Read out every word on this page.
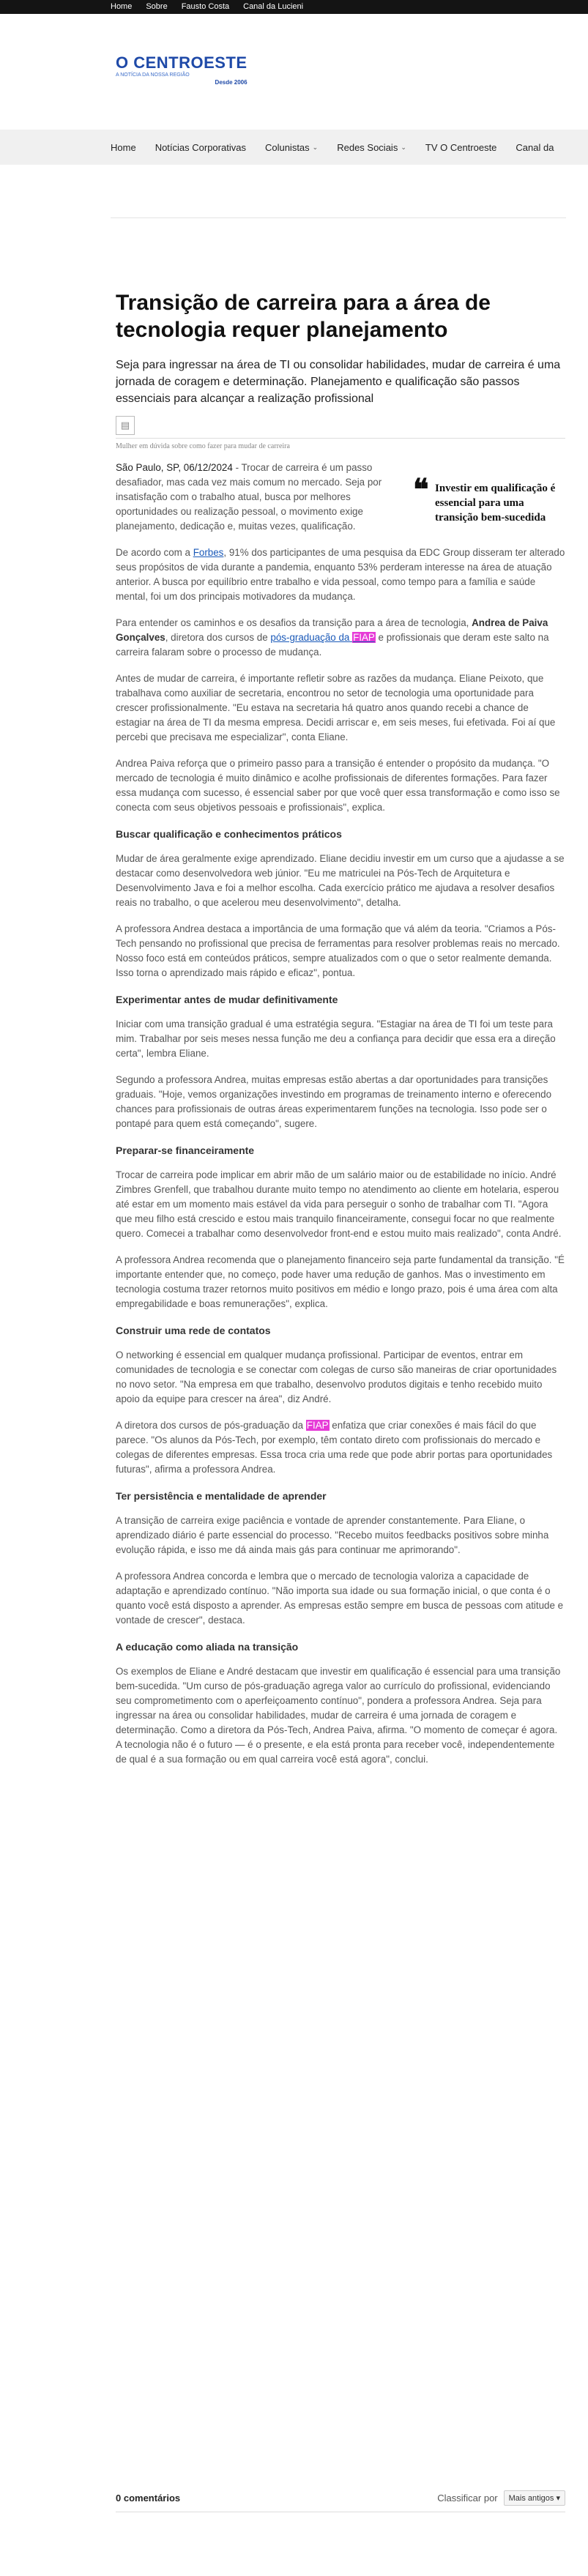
Home Sobre Fausto Costa Canal da Lucieni
O CENTROESTE
A NOTÍCIA DA NOSSA REGIÃO
Desde 2006
Home Notícias Corporativas Colunistas ⌄ Redes Sociais ⌄ TV O Centroeste Canal da
Transição de carreira para a área de tecnologia requer planejamento

Seja para ingressar na área de TI ou consolidar habilidades, mudar de carreira é uma jornada de coragem e determinação. Planejamento e qualificação são passos essenciais para alcançar a realização profissional

▤
Mulher em dúvida sobre como fazer para mudar de carreira
❝ Investir em qualificação é essencial para uma transição bem-sucedida

São Paulo, SP, 06/12/2024 - Trocar de carreira é um passo desafiador, mas cada vez mais comum no mercado. Seja por insatisfação com o trabalho atual, busca por melhores oportunidades ou realização pessoal, o movimento exige planejamento, dedicação e, muitas vezes, qualificação.

De acordo com a Forbes, 91% dos participantes de uma pesquisa da EDC Group disseram ter alterado seus propósitos de vida durante a pandemia, enquanto 53% perderam interesse na área de atuação anterior. A busca por equilíbrio entre trabalho e vida pessoal, como tempo para a família e saúde mental, foi um dos principais motivadores da mudança.

Para entender os caminhos e os desafios da transição para a área de tecnologia, Andrea de Paiva Gonçalves, diretora dos cursos de pós-graduação da FIAP e profissionais que deram este salto na carreira falaram sobre o processo de mudança.

Antes de mudar de carreira, é importante refletir sobre as razões da mudança. Eliane Peixoto, que trabalhava como auxiliar de secretaria, encontrou no setor de tecnologia uma oportunidade para crescer profissionalmente. "Eu estava na secretaria há quatro anos quando recebi a chance de estagiar na área de TI da mesma empresa. Decidi arriscar e, em seis meses, fui efetivada. Foi aí que percebi que precisava me especializar", conta Eliane.

Andrea Paiva reforça que o primeiro passo para a transição é entender o propósito da mudança. "O mercado de tecnologia é muito dinâmico e acolhe profissionais de diferentes formações. Para fazer essa mudança com sucesso, é essencial saber por que você quer essa transformação e como isso se conecta com seus objetivos pessoais e profissionais", explica.

Buscar qualificação e conhecimentos práticos

Mudar de área geralmente exige aprendizado. Eliane decidiu investir em um curso que a ajudasse a se destacar como desenvolvedora web júnior. "Eu me matriculei na Pós-Tech de Arquitetura e Desenvolvimento Java e foi a melhor escolha. Cada exercício prático me ajudava a resolver desafios reais no trabalho, o que acelerou meu desenvolvimento", detalha.

A professora Andrea destaca a importância de uma formação que vá além da teoria. "Criamos a Pós-Tech pensando no profissional que precisa de ferramentas para resolver problemas reais no mercado. Nosso foco está em conteúdos práticos, sempre atualizados com o que o setor realmente demanda. Isso torna o aprendizado mais rápido e eficaz", pontua.

Experimentar antes de mudar definitivamente

Iniciar com uma transição gradual é uma estratégia segura. "Estagiar na área de TI foi um teste para mim. Trabalhar por seis meses nessa função me deu a confiança para decidir que essa era a direção certa", lembra Eliane.

Segundo a professora Andrea, muitas empresas estão abertas a dar oportunidades para transições graduais. "Hoje, vemos organizações investindo em programas de treinamento interno e oferecendo chances para profissionais de outras áreas experimentarem funções na tecnologia. Isso pode ser o pontapé para quem está começando", sugere.

Preparar-se financeiramente

Trocar de carreira pode implicar em abrir mão de um salário maior ou de estabilidade no início. André Zimbres Grenfell, que trabalhou durante muito tempo no atendimento ao cliente em hotelaria, esperou até estar em um momento mais estável da vida para perseguir o sonho de trabalhar com TI. "Agora que meu filho está crescido e estou mais tranquilo financeiramente, consegui focar no que realmente quero. Comecei a trabalhar como desenvolvedor front-end e estou muito mais realizado", conta André.

A professora Andrea recomenda que o planejamento financeiro seja parte fundamental da transição. "É importante entender que, no começo, pode haver uma redução de ganhos. Mas o investimento em tecnologia costuma trazer retornos muito positivos em médio e longo prazo, pois é uma área com alta empregabilidade e boas remunerações", explica.

Construir uma rede de contatos

O networking é essencial em qualquer mudança profissional. Participar de eventos, entrar em comunidades de tecnologia e se conectar com colegas de curso são maneiras de criar oportunidades no novo setor. "Na empresa em que trabalho, desenvolvo produtos digitais e tenho recebido muito apoio da equipe para crescer na área", diz André.

A diretora dos cursos de pós-graduação da FIAP enfatiza que criar conexões é mais fácil do que parece. "Os alunos da Pós-Tech, por exemplo, têm contato direto com profissionais do mercado e colegas de diferentes empresas. Essa troca cria uma rede que pode abrir portas para oportunidades futuras", afirma a professora Andrea.

Ter persistência e mentalidade de aprender

A transição de carreira exige paciência e vontade de aprender constantemente. Para Eliane, o aprendizado diário é parte essencial do processo. "Recebo muitos feedbacks positivos sobre minha evolução rápida, e isso me dá ainda mais gás para continuar me aprimorando".

A professora Andrea concorda e lembra que o mercado de tecnologia valoriza a capacidade de adaptação e aprendizado contínuo. "Não importa sua idade ou sua formação inicial, o que conta é o quanto você está disposto a aprender. As empresas estão sempre em busca de pessoas com atitude e vontade de crescer", destaca.

A educação como aliada na transição

Os exemplos de Eliane e André destacam que investir em qualificação é essencial para uma transição bem-sucedida. "Um curso de pós-graduação agrega valor ao currículo do profissional, evidenciando seu comprometimento com o aperfeiçoamento contínuo", pondera a professora Andrea. Seja para ingressar na área ou consolidar habilidades, mudar de carreira é uma jornada de coragem e determinação. Como a diretora da Pós-Tech, Andrea Paiva, afirma. "O momento de começar é agora. A tecnologia não é o futuro — é o presente, e ela está pronta para receber você, independentemente de qual é a sua formação ou em qual carreira você está agora", conclui.

0 comentários	Classificar por	Mais antigos ▾
